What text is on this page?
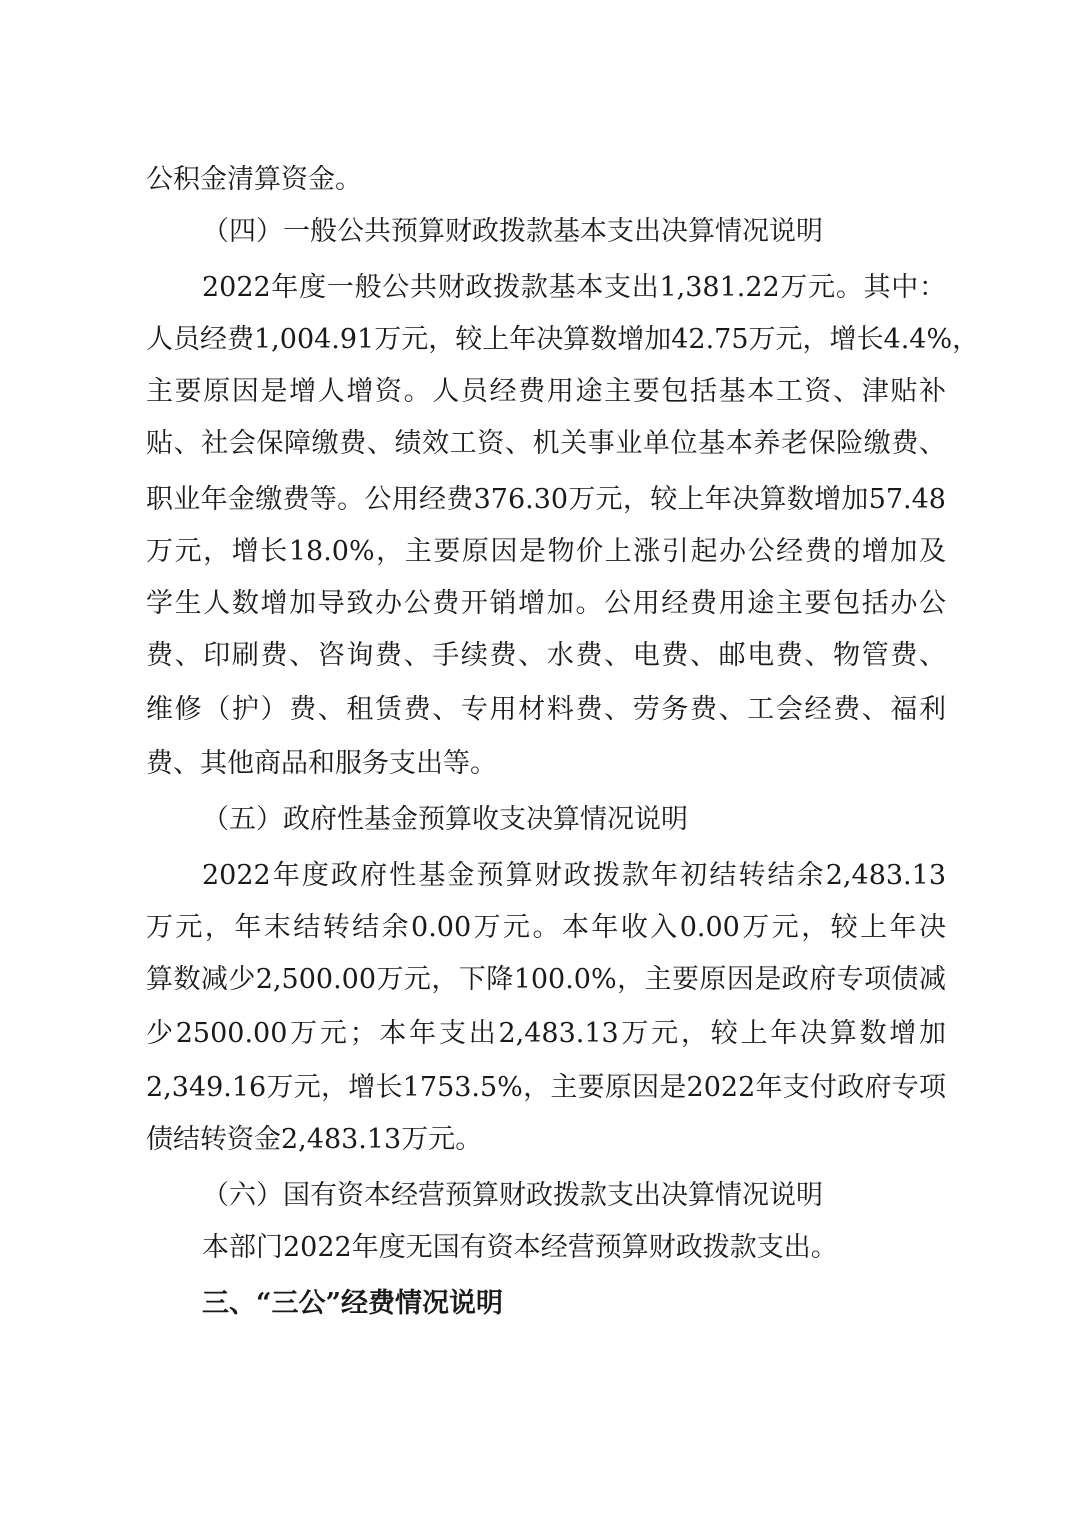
公积金清算资金。
（四）一般公共预算财政拨款基本支出决算情况说明
2022年度一般公共财政拨款基本支出1,381.22万元。其中：
人员经费1,004.91万元，较上年决算数增加42.75万元，增长4.4%，
主要原因是增人增资。人员经费用途主要包括基本工资、津贴补
贴、社会保障缴费、绩效工资、机关事业单位基本养老保险缴费、
职业年金缴费等。公用经费376.30万元，较上年决算数增加57.48
万元，增长18.0%，主要原因是物价上涨引起办公经费的增加及
学生人数增加导致办公费开销增加。公用经费用途主要包括办公
费、印刷费、咨询费、手续费、水费、电费、邮电费、物管费、
维修（护）费、租赁费、专用材料费、劳务费、工会经费、福利
费、其他商品和服务支出等。
（五）政府性基金预算收支决算情况说明
2022年度政府性基金预算财政拨款年初结转结余2,483.13
万元，年末结转结余0.00万元。本年收入0.00万元，较上年决
算数减少2,500.00万元，下降100.0%，主要原因是政府专项债减
少2500.00万元；本年支出2,483.13万元，较上年决算数增加
2,349.16万元，增长1753.5%，主要原因是2022年支付政府专项
债结转资金2,483.13万元。
（六）国有资本经营预算财政拨款支出决算情况说明
本部门2022年度无国有资本经营预算财政拨款支出。
三、“三公”经费情况说明
